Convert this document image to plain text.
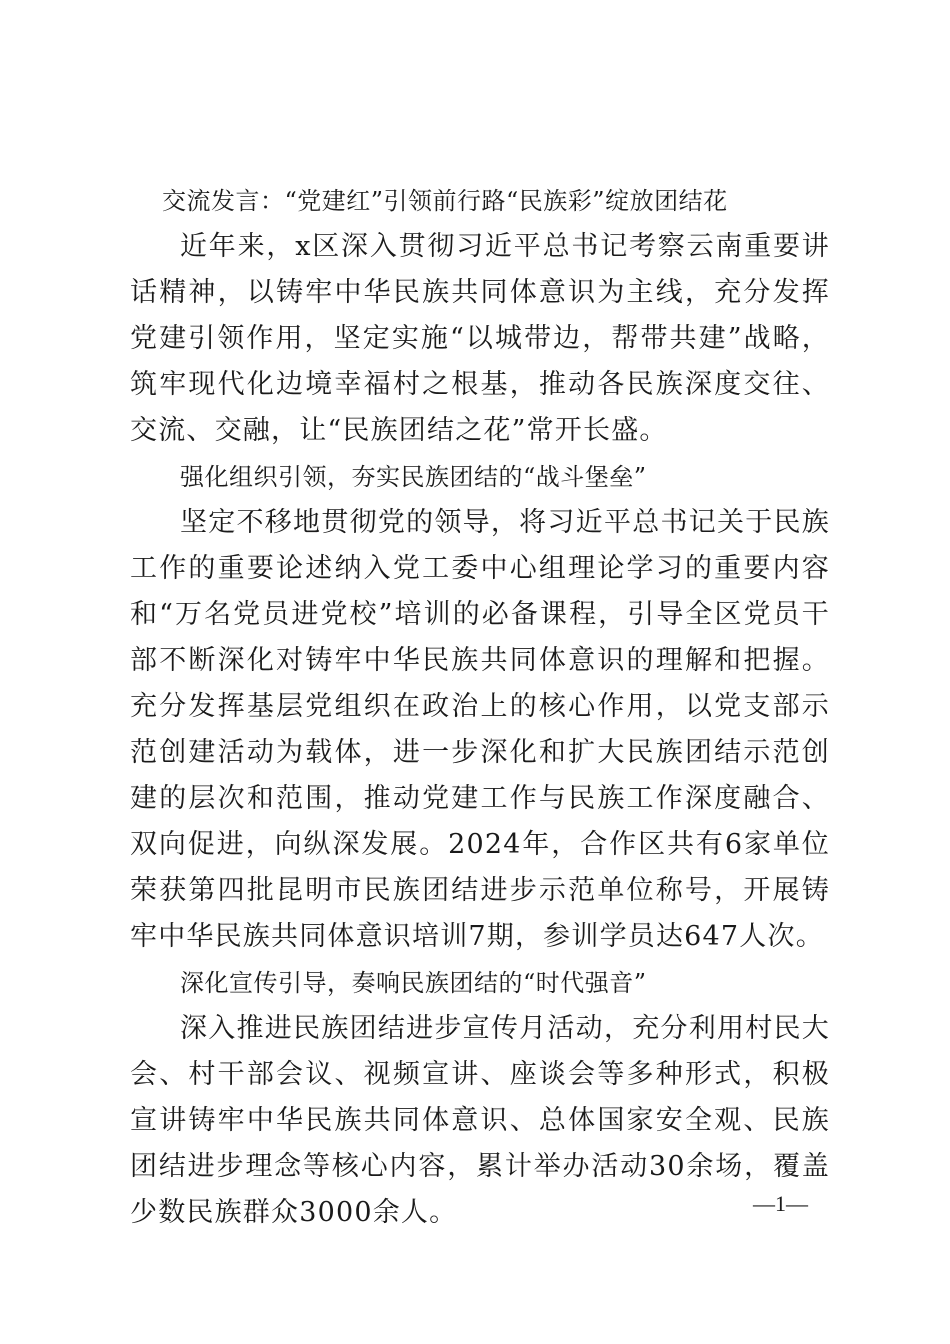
交流发言：“党建红”引领前行路“民族彩”绽放团结花

近年来，x区深入贯彻习近平总书记考察云南重要讲话精神，以铸牢中华民族共同体意识为主线，充分发挥党建引领作用，坚定实施“以城带边，帮带共建”战略，筑牢现代化边境幸福村之根基，推动各民族深度交往、交流、交融，让“民族团结之花”常开长盛。

强化组织引领，夯实民族团结的“战斗堡垒”

坚定不移地贯彻党的领导，将习近平总书记关于民族工作的重要论述纳入党工委中心组理论学习的重要内容和“万名党员进党校”培训的必备课程，引导全区党员干部不断深化对铸牢中华民族共同体意识的理解和把握。充分发挥基层党组织在政治上的核心作用，以党支部示范创建活动为载体，进一步深化和扩大民族团结示范创建的层次和范围，推动党建工作与民族工作深度融合、双向促进，向纵深发展。2024年，合作区共有6家单位荣获第四批昆明市民族团结进步示范单位称号，开展铸牢中华民族共同体意识培训7期，参训学员达647人次。

深化宣传引导，奏响民族团结的“时代强音”

深入推进民族团结进步宣传月活动，充分利用村民大会、村干部会议、视频宣讲、座谈会等多种形式，积极宣讲铸牢中华民族共同体意识、总体国家安全观、民族团结进步理念等核心内容，累计举办活动30余场，覆盖少数民族群众3000余人。	—1—
